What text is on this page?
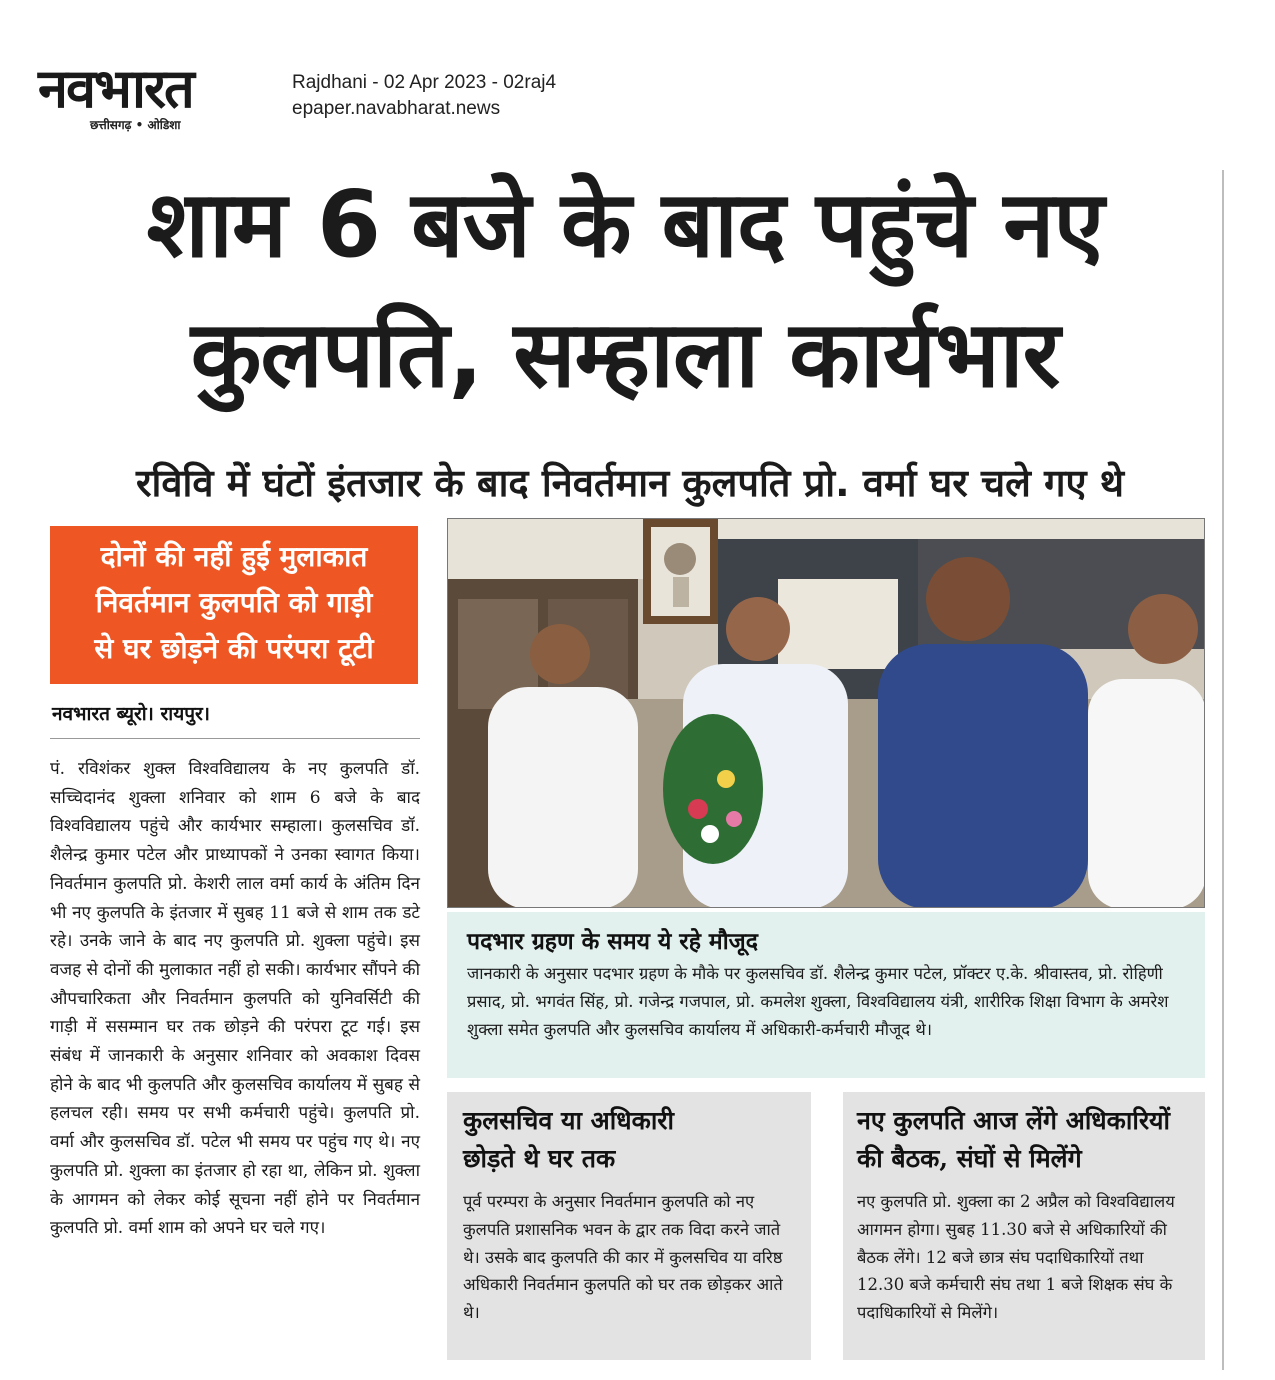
नवभारत
छत्तीसगढ़ • ओडिशा
Rajdhani - 02 Apr 2023 - 02raj4
epaper.navabharat.news
शाम 6 बजे के बाद पहुंचे नए
कुलपति, सम्हाला कार्यभार
रविवि में घंटों इंतजार के बाद निवर्तमान कुलपति प्रो. वर्मा घर चले गए थे
दोनों की नहीं हुई मुलाकात
निवर्तमान कुलपति को गाड़ी
से घर छोड़ने की परंपरा टूटी
नवभारत ब्यूरो। रायपुर।
पं. रविशंकर शुक्ल विश्वविद्यालय के नए कुलपति डॉ. सच्चिदानंद शुक्ला शनिवार को शाम 6 बजे के बाद विश्वविद्यालय पहुंचे और कार्यभार सम्हाला। कुलसचिव डॉ. शैलेन्द्र कुमार पटेल और प्राध्यापकों ने उनका स्वागत किया। निवर्तमान कुलपति प्रो. केशरी लाल वर्मा कार्य के अंतिम दिन भी नए कुलपति के इंतजार में सुबह 11 बजे से शाम तक डटे रहे। उनके जाने के बाद नए कुलपति प्रो. शुक्ला पहुंचे। इस वजह से दोनों की मुलाकात नहीं हो सकी। कार्यभार सौंपने की औपचारिकता और निवर्तमान कुलपति को युनिवर्सिटी की गाड़ी में ससम्मान घर तक छोड़ने की परंपरा टूट गई। इस संबंध में जानकारी के अनुसार शनिवार को अवकाश दिवस होने के बाद भी कुलपति और कुलसचिव कार्यालय में सुबह से हलचल रही। समय पर सभी कर्मचारी पहुंचे। कुलपति प्रो. वर्मा और कुलसचिव डॉ. पटेल भी समय पर पहुंच गए थे। नए कुलपति प्रो. शुक्ला का इंतजार हो रहा था, लेकिन प्रो. शुक्ला के आगमन को लेकर कोई सूचना नहीं होने पर निवर्तमान कुलपति प्रो. वर्मा शाम को अपने घर चले गए।
पदभार ग्रहण के समय ये रहे मौजूद

जानकारी के अनुसार पदभार ग्रहण के मौके पर कुलसचिव डॉ. शैलेन्द्र कुमार पटेल, प्रॉक्टर ए.के. श्रीवास्तव, प्रो. रोहिणी प्रसाद, प्रो. भगवंत सिंह, प्रो. गजेन्द्र गजपाल, प्रो. कमलेश शुक्ला, विश्वविद्यालय यंत्री, शारीरिक शिक्षा विभाग के अमरेश शुक्ला समेत कुलपति और कुलसचिव कार्यालय में अधिकारी-कर्मचारी मौजूद थे।

कुलसचिव या अधिकारी
छोड़ते थे घर तक

पूर्व परम्परा के अनुसार निवर्तमान कुलपति को नए कुलपति प्रशासनिक भवन के द्वार तक विदा करने जाते थे। उसके बाद कुलपति की कार में कुलसचिव या वरिष्ठ अधिकारी निवर्तमान कुलपति को घर तक छोड़कर आते थे।

नए कुलपति आज लेंगे अधिकारियों
की बैठक, संघों से मिलेंगे

नए कुलपति प्रो. शुक्ला का 2 अप्रैल को विश्वविद्यालय आगमन होगा। सुबह 11.30 बजे से अधिकारियों की बैठक लेंगे। 12 बजे छात्र संघ पदाधिकारियों तथा 12.30 बजे कर्मचारी संघ तथा 1 बजे शिक्षक संघ के पदाधिकारियों से मिलेंगे।
